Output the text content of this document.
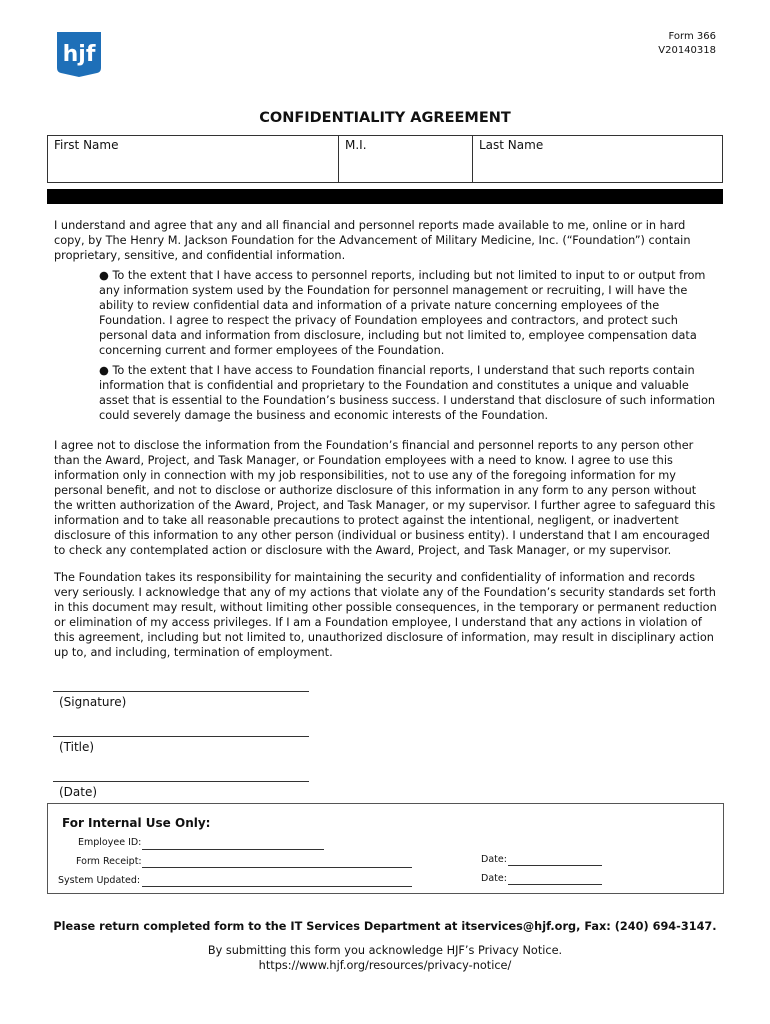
hjf
Form 366
V20140318
CONFIDENTIALITY AGREEMENT
First Name	M.I.	Last Name

I understand and agree that any and all financial and personnel reports made available to me, online or in hard copy, by The Henry M. Jackson Foundation for the Advancement of Military Medicine, Inc. (“Foundation”) contain proprietary, sensitive, and confidential information.

● To the extent that I have access to personnel reports, including but not limited to input to or output from any information system used by the Foundation for personnel management or recruiting, I will have the ability to review confidential data and information of a private nature concerning employees of the Foundation. I agree to respect the privacy of Foundation employees and contractors, and protect such personal data and information from disclosure, including but not limited to, employee compensation data concerning current and former employees of the Foundation.

● To the extent that I have access to Foundation financial reports, I understand that such reports contain information that is confidential and proprietary to the Foundation and constitutes a unique and valuable asset that is essential to the Foundation’s business success. I understand that disclosure of such information could severely damage the business and economic interests of the Foundation.

I agree not to disclose the information from the Foundation’s financial and personnel reports to any person other than the Award, Project, and Task Manager, or Foundation employees with a need to know. I agree to use this information only in connection with my job responsibilities, not to use any of the foregoing information for my personal benefit, and not to disclose or authorize disclosure of this information in any form to any person without the written authorization of the Award, Project, and Task Manager, or my supervisor. I further agree to safeguard this information and to take all reasonable precautions to protect against the intentional, negligent, or inadvertent disclosure of this information to any other person (individual or business entity). I understand that I am encouraged to check any contemplated action or disclosure with the Award, Project, and Task Manager, or my supervisor.

The Foundation takes its responsibility for maintaining the security and confidentiality of information and records very seriously. I acknowledge that any of my actions that violate any of the Foundation’s security standards set forth in this document may result, without limiting other possible consequences, in the temporary or permanent reduction or elimination of my access privileges. If I am a Foundation employee, I understand that any actions in violation of this agreement, including but not limited to, unauthorized disclosure of information, may result in disciplinary action up to, and including, termination of employment.

(Signature)
(Title)
(Date)
For Internal Use Only:
Employee ID:
Form Receipt:	Date:
System Updated:	Date:
Please return completed form to the IT Services Department at itservices@hjf.org, Fax: (240) 694-3147.
By submitting this form you acknowledge HJF’s Privacy Notice.
https://www.hjf.org/resources/privacy-notice/
